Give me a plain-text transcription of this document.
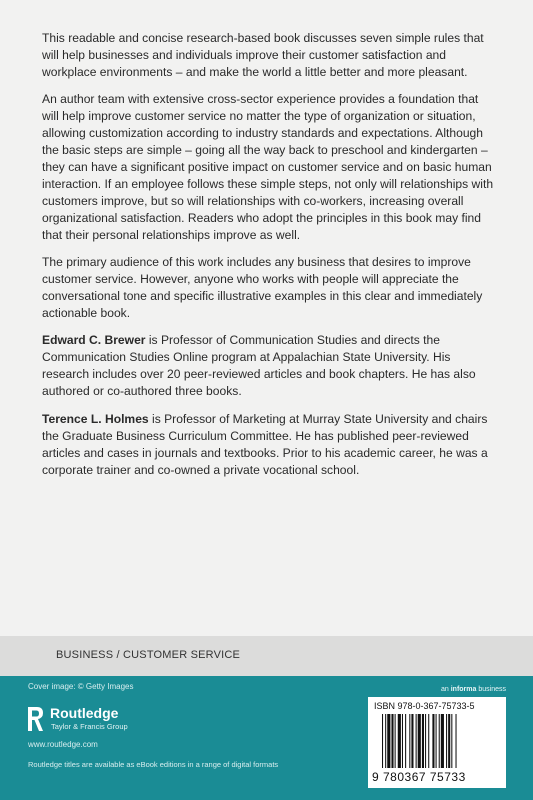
This readable and concise research-based book discusses seven simple rules that will help businesses and individuals improve their customer satisfaction and workplace environments – and make the world a little better and more pleasant.

An author team with extensive cross-sector experience provides a foundation that will help improve customer service no matter the type of organization or situation, allowing customization according to industry standards and expectations. Although the basic steps are simple – going all the way back to preschool and kindergarten – they can have a significant positive impact on customer service and on basic human interaction. If an employee follows these simple steps, not only will relationships with customers improve, but so will relationships with co-workers, increasing overall organizational satisfaction. Readers who adopt the principles in this book may find that their personal relationships improve as well.

The primary audience of this work includes any business that desires to improve customer service. However, anyone who works with people will appreciate the conversational tone and specific illustrative examples in this clear and immediately actionable book.

Edward C. Brewer is Professor of Communication Studies and directs the Communication Studies Online program at Appalachian State University. His research includes over 20 peer-reviewed articles and book chapters. He has also authored or co-authored three books.

Terence L. Holmes is Professor of Marketing at Murray State University and chairs the Graduate Business Curriculum Committee. He has published peer-reviewed articles and cases in journals and textbooks. Prior to his academic career, he was a corporate trainer and co-owned a private vocational school.

BUSINESS / CUSTOMER SERVICE
Cover image: © Getty Images	an informa business
Routledge
Taylor & Francis Group
www.routledge.com
Routledge titles are available as eBook editions in a range of digital formats
ISBN 978-0-367-75733-5
9 780367 75733
